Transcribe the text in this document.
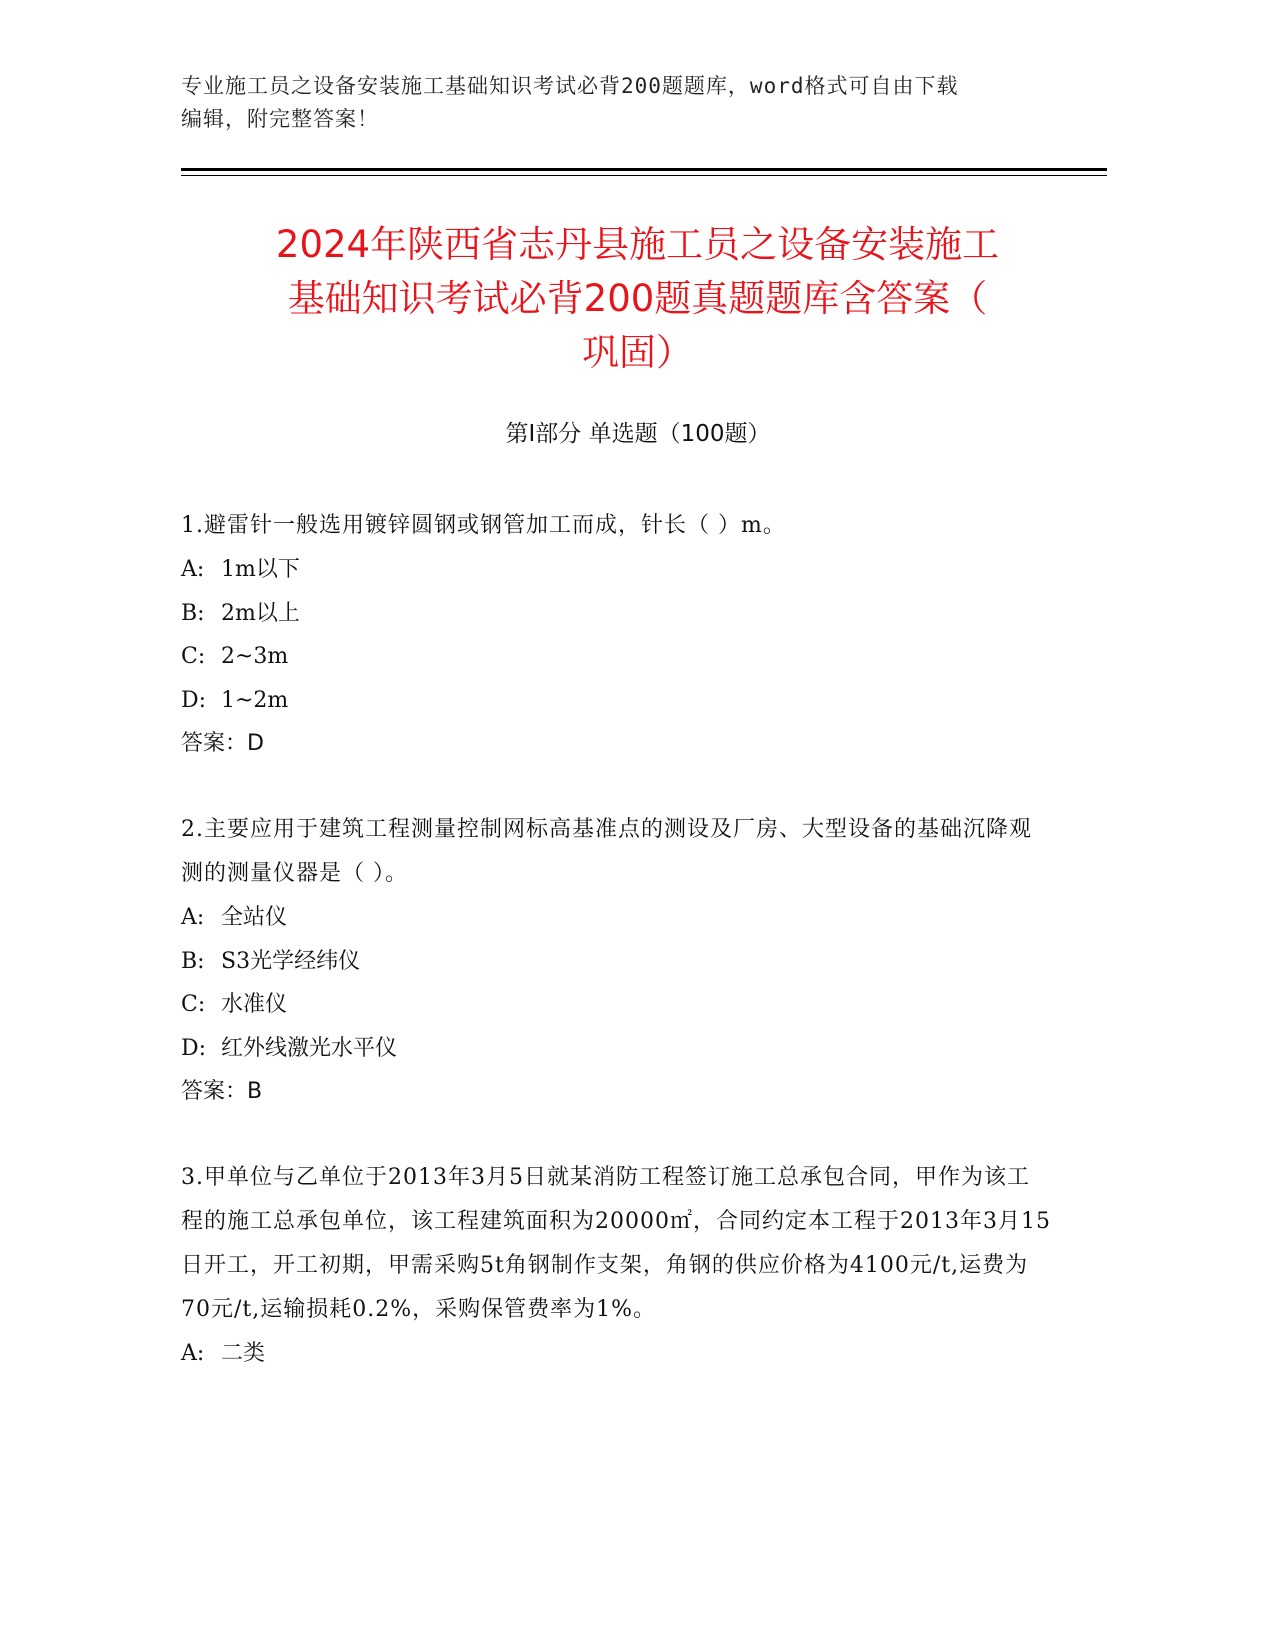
专业施工员之设备安装施工基础知识考试必背200题题库，word格式可自由下载
编辑，附完整答案！

2024年陕西省志丹县施工员之设备安装施工
基础知识考试必背200题真题题库含答案（
巩固）
第Ⅰ部分 单选题（100题）

1.避雷针一般选用镀锌圆钢或钢管加工而成，针长（ ）m。

A: 1m以下
B: 2m以上
C: 2~3m
D: 1~2m
答案：D

2.主要应用于建筑工程测量控制网标高基准点的测设及厂房、大型设备的基础沉降观测的测量仪器是（ ）。

A: 全站仪
B: S3光学经纬仪
C: 水准仪
D: 红外线激光水平仪
答案：B

3.甲单位与乙单位于2013年3月5日就某消防工程签订施工总承包合同，甲作为该工程的施工总承包单位，该工程建筑面积为20000㎡，合同约定本工程于2013年3月15日开工，开工初期，甲需采购5t角钢制作支架，角钢的供应价格为4100元/t,运费为70元/t,运输损耗0.2%，采购保管费率为1%。

A: 二类
